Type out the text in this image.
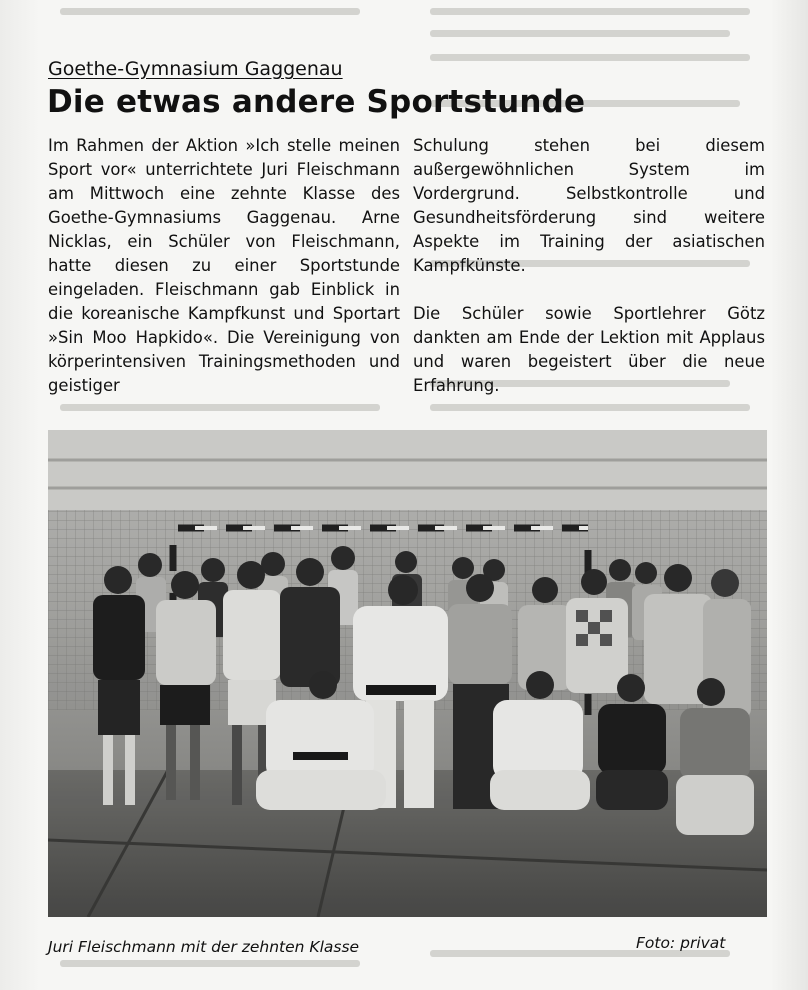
Goethe-Gymnasium Gaggenau
Die etwas andere Sportstunde

Im Rahmen der Aktion »Ich stelle meinen Sport vor« unterrichtete Juri Fleischmann am Mittwoch eine zehnte Klasse des Goethe-Gymnasiums Gaggenau. Arne Nicklas, ein Schüler von Fleischmann, hatte diesen zu einer Sportstunde eingeladen. Fleischmann gab Einblick in die koreanische Kampfkunst und Sportart »Sin Moo Hapkido«. Die Vereinigung von körperintensiven Trainingsmethoden und geistiger

Schulung stehen bei diesem außergewöhnlichen System im Vordergrund. Selbstkontrolle und Gesundheitsförderung sind weitere Aspekte im Training der asiatischen Kampfkünste.

Die Schüler sowie Sportlehrer Götz dankten am Ende der Lektion mit Applaus und waren begeistert über die neue Erfahrung.

Juri Fleischmann mit der zehnten Klasse	Foto: privat
